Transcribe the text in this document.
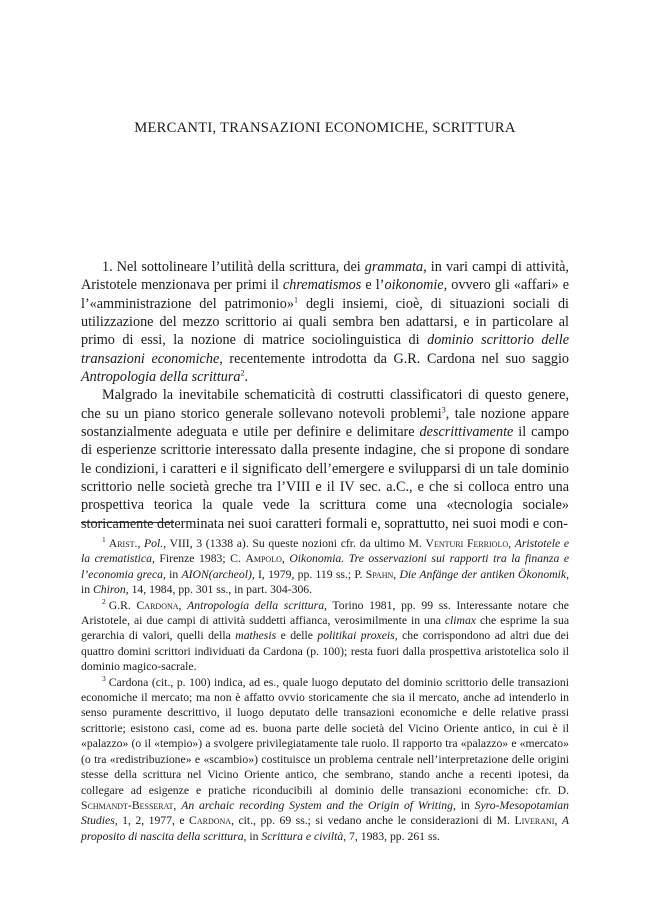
MERCANTI, TRANSAZIONI ECONOMICHE, SCRITTURA

1. Nel sottolineare l’utilità della scrittura, dei grammata, in vari campi di attività, Aristotele menzionava per primi il chrematismos e l’oikonomie, ovvero gli «affari» e l’«amministrazione del patrimonio»$^1$ degli insiemi, cioè, di situazioni sociali di utilizzazione del mezzo scrittorio ai quali sembra ben adattarsi, e in particolare al primo di essi, la nozione di matrice sociolinguistica di dominio scrittorio delle transazioni economiche, recentemente introdotta da G.R. Cardona nel suo saggio Antropologia della scrittura$^2$.

Malgrado la inevitabile schematicità di costrutti classificatori di questo genere, che su un piano storico generale sollevano notevoli problemi$^3$, tale nozione appare sostanzialmente adeguata e utile per definire e delimitare descrittivamente il campo di esperienze scrittorie interessato dalla presente indagine, che si propone di sondare le condizioni, i caratteri e il significato dell’emergere e svilupparsi di un tale dominio scrittorio nelle società greche tra l’VIII e il IV sec. a.C., e che si colloca entro una prospettiva teorica la quale vede la scrittura come una «tecnologia sociale» storicamente determinata nei suoi caratteri formali e, soprattutto, nei suoi modi e con-

$^1$ Arist., Pol., VIII, 3 (1338 a). Su queste nozioni cfr. da ultimo M. Venturi Ferriolo, Aristotele e la crematistica, Firenze 1983; C. Ampolo, Oikonomia. Tre osservazioni sui rapporti tra la finanza e l’economia greca, in AION(archeol), I, 1979, pp. 119 ss.; P. Spahn, Die Anfänge der antiken Ökonomik, in Chiron, 14, 1984, pp. 301 ss., in part. 304-306.

$^2$ G.R. Cardona, Antropologia della scrittura, Torino 1981, pp. 99 ss. Interessante notare che Aristotele, ai due campi di attività suddetti affianca, verosimilmente in una climax che esprime la sua gerarchia di valori, quelli della mathesis e delle politikai proxeis, che corrispondono ad altri due dei quattro domini scrittori individuati da Cardona (p. 100); resta fuori dalla prospettiva aristotelica solo il dominio magico-sacrale.

$^3$ Cardona (cit., p. 100) indica, ad es., quale luogo deputato del dominio scrittorio delle transazioni economiche il mercato; ma non è affatto ovvio storicamente che sia il mercato, anche ad intenderlo in senso puramente descrittivo, il luogo deputato delle transazioni economiche e delle relative prassi scrittorie; esistono casi, come ad es. buona parte delle società del Vicino Oriente antico, in cui è il «palazzo» (o il «tempio») a svolgere privilegiatamente tale ruolo. Il rapporto tra «palazzo» e «mercato» (o tra «redistribuzione» e «scambio») costituisce un problema centrale nell’interpretazione delle origini stesse della scrittura nel Vicino Oriente antico, che sembrano, stando anche a recenti ipotesi, da collegare ad esigenze e pratiche riconducibili al dominio delle transazioni economiche: cfr. D. Schmandt-Besserat, An archaic recording System and the Origin of Writing, in Syro-Mesopotamian Studies, 1, 2, 1977, e Cardona, cit., pp. 69 ss.; si vedano anche le considerazioni di M. Liverani, A proposito di nascita della scrittura, in Scrittura e civiltà, 7, 1983, pp. 261 ss.
